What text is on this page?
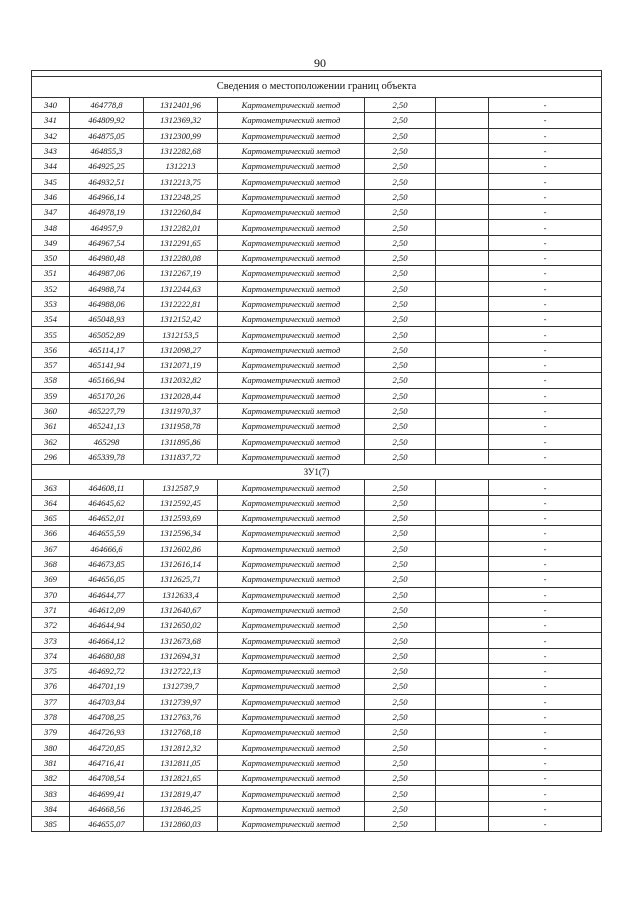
90

Сведения о местоположении границ объекта						
340	464778,8	1312401,96	Картометрический метод	2,50		-
341	464809,92	1312369,32	Картометрический метод	2,50		-
342	464875,05	1312300,99	Картометрический метод	2,50		-
343	464855,3	1312282,68	Картометрический метод	2,50		-
344	464925,25	1312213	Картометрический метод	2,50		-
345	464932,51	1312213,75	Картометрический метод	2,50		-
346	464966,14	1312248,25	Картометрический метод	2,50		-
347	464978,19	1312260,84	Картометрический метод	2,50		-
348	464957,9	1312282,01	Картометрический метод	2,50		-
349	464967,54	1312291,65	Картометрический метод	2,50		-
350	464980,48	1312280,08	Картометрический метод	2,50		-
351	464987,06	1312267,19	Картометрический метод	2,50		-
352	464988,74	1312244,63	Картометрический метод	2,50		-
353	464988,06	1312222,81	Картометрический метод	2,50		-
354	465048,93	1312152,42	Картометрический метод	2,50		-
355	465052,89	1312153,5	Картометрический метод	2,50		-
356	465114,17	1312098,27	Картометрический метод	2,50		-
357	465141,94	1312071,19	Картометрический метод	2,50		-
358	465166,94	1312032,82	Картометрический метод	2,50		-
359	465170,26	1312028,44	Картометрический метод	2,50		-
360	465227,79	1311970,37	Картометрический метод	2,50		-
361	465241,13	1311958,78	Картометрический метод	2,50		-
362	465298	1311895,86	Картометрический метод	2,50		-
296	465339,78	1311837,72	Картометрический метод	2,50		-
ЗУ1(7)						
363	464608,11	1312587,9	Картометрический метод	2,50		-
364	464645,62	1312592,45	Картометрический метод	2,50		-
365	464652,01	1312593,69	Картометрический метод	2,50		-
366	464655,59	1312596,34	Картометрический метод	2,50		-
367	464666,6	1312602,86	Картометрический метод	2,50		-
368	464673,85	1312616,14	Картометрический метод	2,50		-
369	464656,05	1312625,71	Картометрический метод	2,50		-
370	464644,77	1312633,4	Картометрический метод	2,50		-
371	464612,09	1312640,67	Картометрический метод	2,50		-
372	464644,94	1312650,02	Картометрический метод	2,50		-
373	464664,12	1312673,68	Картометрический метод	2,50		-
374	464680,88	1312694,31	Картометрический метод	2,50		-
375	464692,72	1312722,13	Картометрический метод	2,50		-
376	464701,19	1312739,7	Картометрический метод	2,50		-
377	464703,84	1312739,97	Картометрический метод	2,50		-
378	464708,25	1312763,76	Картометрический метод	2,50		-
379	464726,93	1312768,18	Картометрический метод	2,50		-
380	464720,85	1312812,32	Картометрический метод	2,50		-
381	464716,41	1312811,05	Картометрический метод	2,50		-
382	464708,54	1312821,65	Картометрический метод	2,50		-
383	464699,41	1312819,47	Картометрический метод	2,50		-
384	464668,56	1312846,25	Картометрический метод	2,50		-
385	464655,07	1312860,03	Картометрический метод	2,50		-
